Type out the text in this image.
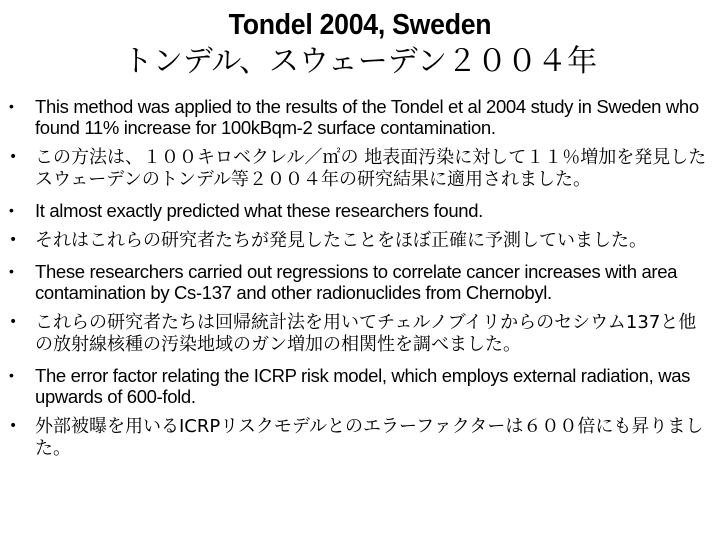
Tondel 2004, Sweden
トンデル、スウェーデン２００４年
• This method was applied to the results of the Tondel et al 2004 study in Sweden who found 11% increase for 100kBqm-2 surface contamination.
• この方法は、１００キロベクレル／㎡の 地表面汚染に対して１１％増加を発見したスウェーデンのトンデル等２００４年の研究結果に適用されました。
• It almost exactly predicted what these researchers found.
• それはこれらの研究者たちが発見したことをほぼ正確に予測していました。
• These researchers carried out regressions to correlate cancer increases with area contamination by Cs-137 and other radionuclides from Chernobyl.
• これらの研究者たちは回帰統計法を用いてチェルノブイリからのセシウム137と他の放射線核種の汚染地域のガン増加の相関性を調べました。
• The error factor relating the ICRP risk model, which employs external radiation, was upwards of 600-fold.
• 外部被曝を用いるICRPリスクモデルとのエラーファクターは６００倍にも昇りました。
